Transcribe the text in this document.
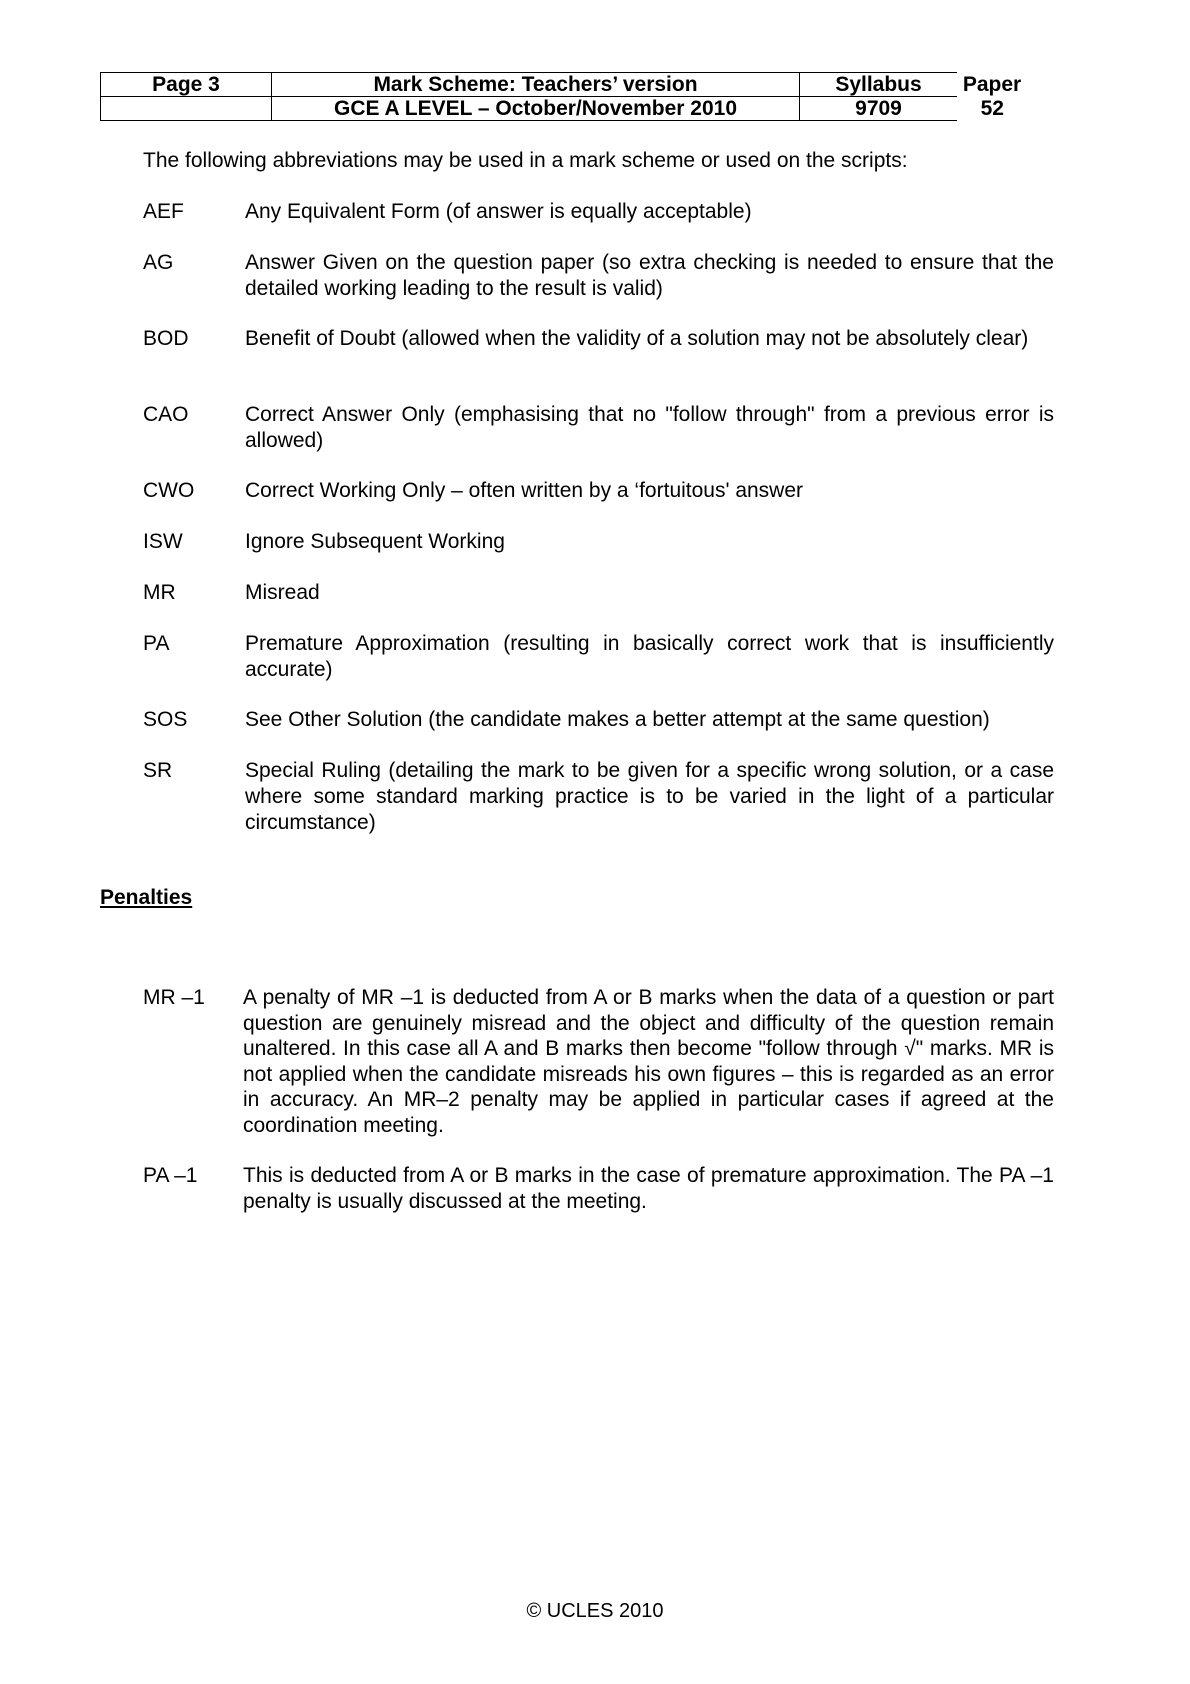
Page 3	Mark Scheme: Teachers’ version	Syllabus	Paper
	GCE A LEVEL – October/November 2010	9709	52
The following abbreviations may be used in a mark scheme or used on the scripts:
AEF	Any Equivalent Form (of answer is equally acceptable)
AG	Answer Given on the question paper (so extra checking is needed to ensure that the detailed working leading to the result is valid)
BOD	Benefit of Doubt (allowed when the validity of a solution may not be absolutely clear)
CAO	Correct Answer Only (emphasising that no "follow through" from a previous error is allowed)
CWO Correct Working Only – often written by a ‘fortuitous' answer
ISW	Ignore Subsequent Working
MR	Misread
PA	Premature Approximation (resulting in basically correct work that is insufficiently accurate)
SOS	See Other Solution (the candidate makes a better attempt at the same question)
SR	Special Ruling (detailing the mark to be given for a specific wrong solution, or a case where some standard marking practice is to be varied in the light of a particular circumstance)
Penalties
MR –1 A penalty of MR –1 is deducted from A or B marks when the data of a question or part question are genuinely misread and the object and difficulty of the question remain unaltered. In this case all A and B marks then become "follow through √" marks. MR is not applied when the candidate misreads his own figures – this is regarded as an error in accuracy. An MR–2 penalty may be applied in particular cases if agreed at the coordination meeting.
PA –1 This is deducted from A or B marks in the case of premature approximation. The PA –1 penalty is usually discussed at the meeting.
© UCLES 2010
